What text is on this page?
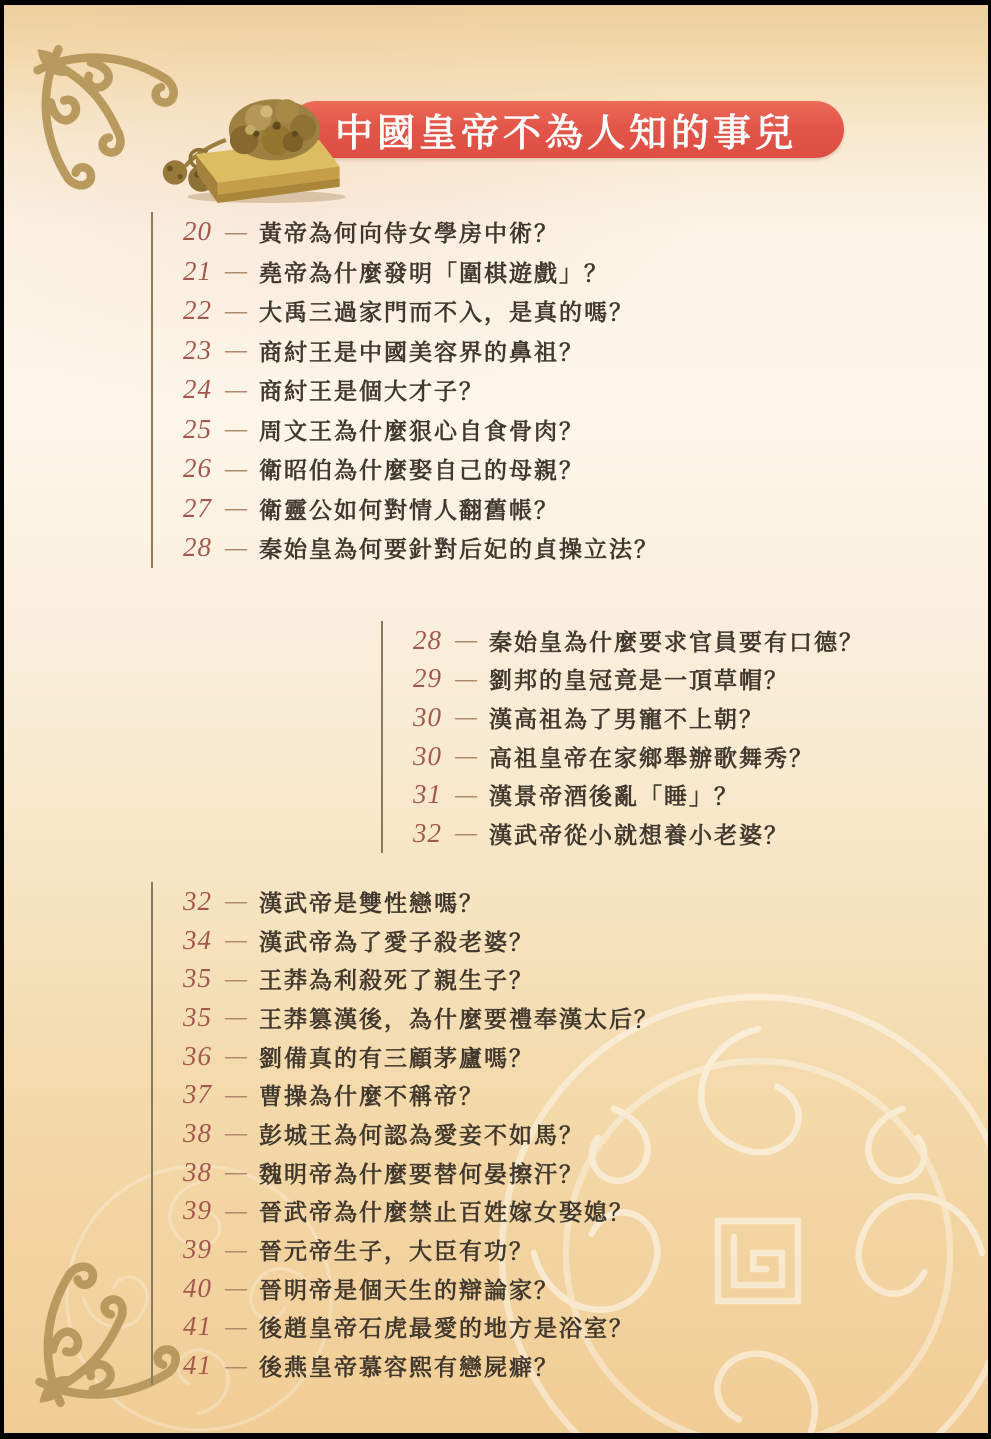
中國皇帝不為人知的事兒
20 — 黃帝為何向侍女學房中術？
21 — 堯帝為什麼發明「圍棋遊戲」？
22 — 大禹三過家門而不入，是真的嗎？
23 — 商紂王是中國美容界的鼻祖？
24 — 商紂王是個大才子？
25 — 周文王為什麼狠心自食骨肉？
26 — 衛昭伯為什麼娶自己的母親？
27 — 衛靈公如何對情人翻舊帳？
28 — 秦始皇為何要針對后妃的貞操立法？
28 — 秦始皇為什麼要求官員要有口德？
29 — 劉邦的皇冠竟是一頂草帽？
30 — 漢高祖為了男寵不上朝？
30 — 高祖皇帝在家鄉舉辦歌舞秀？
31 — 漢景帝酒後亂「睡」？
32 — 漢武帝從小就想養小老婆？
32 — 漢武帝是雙性戀嗎？
34 — 漢武帝為了愛子殺老婆？
35 — 王莽為利殺死了親生子？
35 — 王莽篡漢後，為什麼要禮奉漢太后？
36 — 劉備真的有三顧茅廬嗎？
37 — 曹操為什麼不稱帝？
38 — 彭城王為何認為愛妾不如馬？
38 — 魏明帝為什麼要替何晏擦汗？
39 — 晉武帝為什麼禁止百姓嫁女娶媳？
39 — 晉元帝生子，大臣有功？
40 — 晉明帝是個天生的辯論家？
41 — 後趙皇帝石虎最愛的地方是浴室？
41 — 後燕皇帝慕容熙有戀屍癖？
